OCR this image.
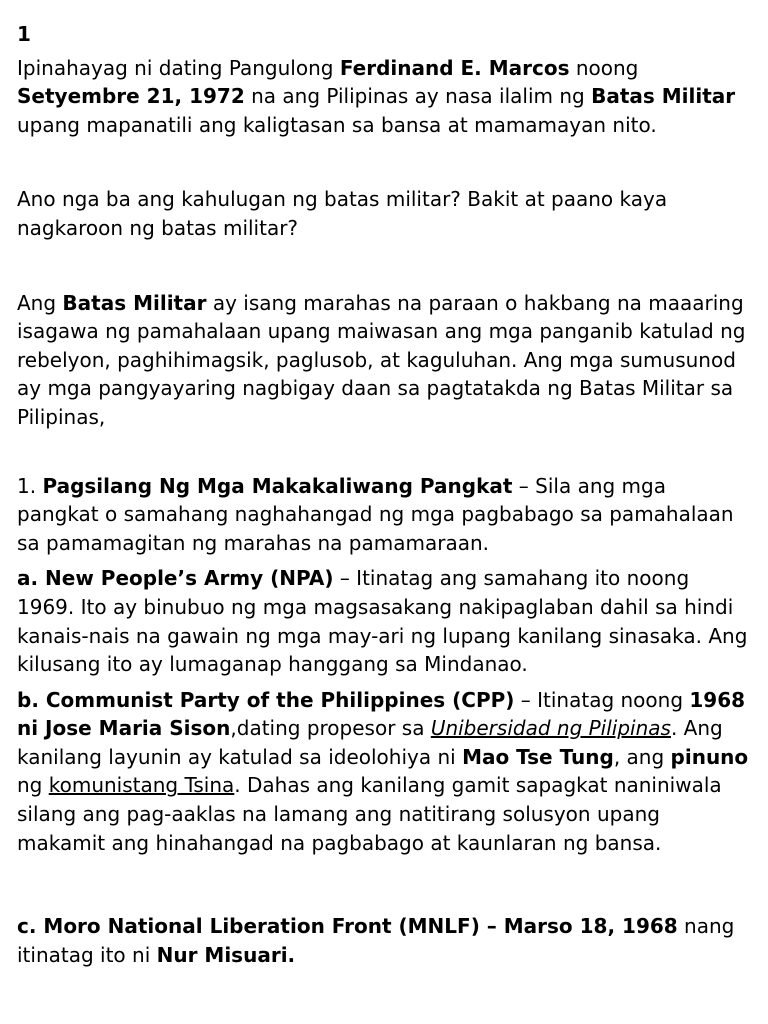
1

Ipinahayag ni dating Pangulong Ferdinand E. Marcos noong Setyembre 21, 1972 na ang Pilipinas ay nasa ilalim ng Batas Militar upang mapanatili ang kaligtasan sa bansa at mamamayan nito.

Ano nga ba ang kahulugan ng batas militar? Bakit at paano kaya nagkaroon ng batas militar?

Ang Batas Militar ay isang marahas na paraan o hakbang na maaaring isagawa ng pamahalaan upang maiwasan ang mga panganib katulad ng rebelyon, paghihimagsik, paglusob, at kaguluhan. Ang mga sumusunod ay mga pangyayaring nagbigay daan sa pagtatakda ng Batas Militar sa Pilipinas,

1. Pagsilang Ng Mga Makakaliwang Pangkat – Sila ang mga pangkat o samahang naghahangad ng mga pagbabago sa pamahalaan sa pamamagitan ng marahas na pamamaraan.

a. New People’s Army (NPA) – Itinatag ang samahang ito noong 1969. Ito ay binubuo ng mga magsasakang nakipaglaban dahil sa hindi kanais-nais na gawain ng mga may-ari ng lupang kanilang sinasaka. Ang kilusang ito ay lumaganap hanggang sa Mindanao.

b. Communist Party of the Philippines (CPP) – Itinatag noong 1968 ni Jose Maria Sison,dating propesor sa Unibersidad ng Pilipinas. Ang kanilang layunin ay katulad sa ideolohiya ni Mao Tse Tung, ang pinuno ng komunistang Tsina. Dahas ang kanilang gamit sapagkat naniniwala silang ang pag-aaklas na lamang ang natitirang solusyon upang makamit ang hinahangad na pagbabago at kaunlaran ng bansa.

c. Moro National Liberation Front (MNLF) – Marso 18, 1968 nang itinatag ito ni Nur Misuari.
